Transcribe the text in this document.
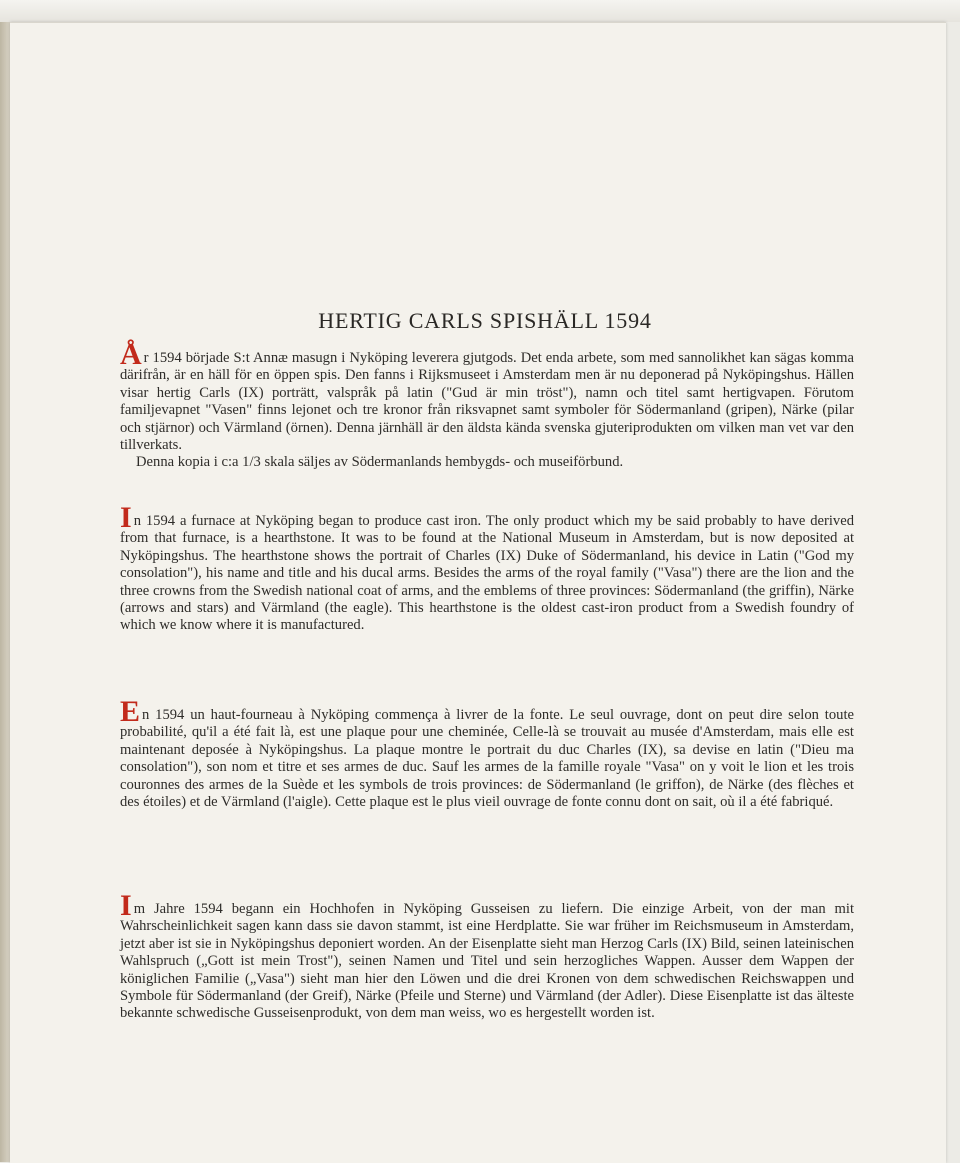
HERTIG CARLS SPISHÄLL 1594

År 1594 började S:t Annæ masugn i Nyköping leverera gjutgods. Det enda arbete, som med sannolikhet kan sägas komma därifrån, är en häll för en öppen spis. Den fanns i Rijksmuseet i Amsterdam men är nu deponerad på Nyköpingshus. Hällen visar hertig Carls (IX) porträtt, valspråk på latin ("Gud är min tröst"), namn och titel samt hertigvapen. Förutom familjevapnet "Vasen" finns lejonet och tre kronor från riksvapnet samt symboler för Södermanland (gripen), Närke (pilar och stjärnor) och Värmland (örnen). Denna järnhäll är den äldsta kända svenska gjuteriprodukten om vilken man vet var den tillverkats.

Denna kopia i c:a 1/3 skala säljes av Södermanlands hembygds- och museiförbund.

In 1594 a furnace at Nyköping began to produce cast iron. The only product which my be said probably to have derived from that furnace, is a hearthstone. It was to be found at the National Museum in Amsterdam, but is now deposited at Nyköpingshus. The hearthstone shows the portrait of Charles (IX) Duke of Södermanland, his device in Latin ("God my consolation"), his name and title and his ducal arms. Besides the arms of the royal family ("Vasa") there are the lion and the three crowns from the Swedish national coat of arms, and the emblems of three provinces: Södermanland (the griffin), Närke (arrows and stars) and Värmland (the eagle). This hearthstone is the oldest cast-iron product from a Swedish foundry of which we know where it is manufactured.

En 1594 un haut-fourneau à Nyköping commença à livrer de la fonte. Le seul ouvrage, dont on peut dire selon toute probabilité, qu'il a été fait là, est une plaque pour une cheminée, Celle-là se trouvait au musée d'Amsterdam, mais elle est maintenant deposée à Nyköpingshus. La plaque montre le portrait du duc Charles (IX), sa devise en latin ("Dieu ma consolation"), son nom et titre et ses armes de duc. Sauf les armes de la famille royale "Vasa" on y voit le lion et les trois couronnes des armes de la Suède et les symbols de trois provinces: de Södermanland (le griffon), de Närke (des flèches et des étoiles) et de Värmland (l'aigle). Cette plaque est le plus vieil ouvrage de fonte connu dont on sait, où il a été fabriqué.

Im Jahre 1594 begann ein Hochhofen in Nyköping Gusseisen zu liefern. Die einzige Arbeit, von der man mit Wahrscheinlichkeit sagen kann dass sie davon stammt, ist eine Herdplatte. Sie war früher im Reichsmuseum in Amsterdam, jetzt aber ist sie in Nyköpingshus deponiert worden. An der Eisenplatte sieht man Herzog Carls (IX) Bild, seinen lateinischen Wahlspruch („Gott ist mein Trost"), seinen Namen und Titel und sein herzogliches Wappen. Ausser dem Wappen der königlichen Familie („Vasa") sieht man hier den Löwen und die drei Kronen von dem schwedischen Reichswappen und Symbole für Södermanland (der Greif), Närke (Pfeile und Sterne) und Värmland (der Adler). Diese Eisenplatte ist das älteste bekannte schwedische Gusseisenprodukt, von dem man weiss, wo es hergestellt worden ist.
